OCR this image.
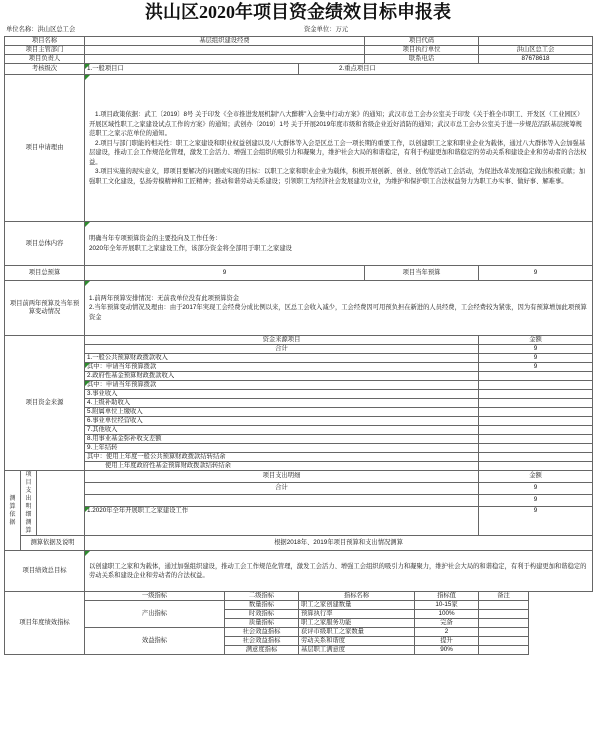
洪山区2020年项目资金绩效目标申报表
单位名称：洪山区总工会	资金单位：万元
项目名称			基层组织建设经费			项目代码		
项目主管部门						项目执行单位		洪山区总工会
项目负责人						联系电话		87678618
考核级次			1.一般项目口		2.重点项目口			
项目申请理由			1.项目政策依据：武工〔2019〕8号 关于印发《全市推进发展机制“八大醉耕”入会集中行动方案》的通知；武汉市总工会办公室关于印发《关于推全市职工、开发区（工业园区）开展区域性职工之家建设试点工作的方案》的通知；武创办〔2019〕1号 关于开展2019年度市级和省级企业近好消防的通知；武汉市总工会办公室关于进一步规范活跃基层统筹规范职工之家示范单位的通知。
2.项目与部门职能的相关性：职工之家建设和职业权益创建以及八大群体等入会是区总工会一项长期的重要工作，以创建职工之家和职业企业为载体，通过八大群体等入会加强基层建设，推动工会工作规范化管理，激发工会活力、增强工会组织的吸引力和凝聚力，维护社会大局的和谐稳定，有利于构建更加和谐稳定的劳动关系和建设企业和劳动者的合法权益。
3.项目实施的现实意义，即项目要解决的问题或实现的目标：以职工之家和职业企业为载体，积极开展创新、创业、创优等活动工会活动，为促进改革发展稳定做出积极贡献；加强职工文化建设，弘扬劳模精神和工匠精神；推动和谐劳动关系建设；引领职工为经济社会发展建功立业，为维护和保护职工合法权益努力为职工办实事、做好事、解难事。					

项目总体内容			明确当年专项预算资金的主要投向及工作任务：
2020年全年开展职工之家建设工作，该部分资金将全部用于职工之家建设					

项目总预算			9			项目当年预算		9
项目前两年预算及当年预算变动情况			1.前两年预算安排情况：无前我单位没有此项预算资金
2.当年预算变动情况及理由：由于2017年実现工会经费分成比例以来，区总工会收入减少，工会经费因可用预负担在新进的人员经费，工会经费较为紧张，因为有预算增加此项预算资金					

项目资金来源			资金来源项目					金额
			合计					9
			1.一般公共预算财政拨款收入					9
			其中：申请当年预算拨款					9
			2.政府性基金预算财政拨款收入					
			其中：申请当年预算拨款					
			3.事业收入					
			4.上级补助收入					
			5.附属单位上缴收入					
			6.事业单位经营收入					
			7.其他收入					
			8.用事业基金弥补收支差额					
			9.上年结转					
			其中：使用上年度一般公共预算财政拨款结转结余					
			使用上年度政府性基金预算财政拨款结转结余					
测算依据	项目支出明细测算		项目支出明细					金额
			合计					9
								9
			1.2020年全年开展职工之家建设工作					9
	测算依据及说明		根据2018年、2019年项目预算和支出情况测算					
项目绩效总目标			以创建职工之家和为载体，通过加强组织建设，推动工会工作规范化管理，激发工会活力、增强工会组织的吸引力和凝聚力，维护社会大局的和谐稳定，有利于构建更加和谐稳定的劳动关系和建设企业和劳动者的合法权益。					
项目年度绩效指标			一级指标	二级指标	指标名称		指标值	备注
			产出指标	数量指标	职工之家创建数量		10-15家	
				时效指标	预算执行率		100%	
				质量指标	职工之家服务功能		完备	
			效益指标	社会效益指标	获评市级职工之家数量		2	
				社会效益指标	劳动关系和谐度		提升	
				满意度指标	基层职工满意度		90%	
